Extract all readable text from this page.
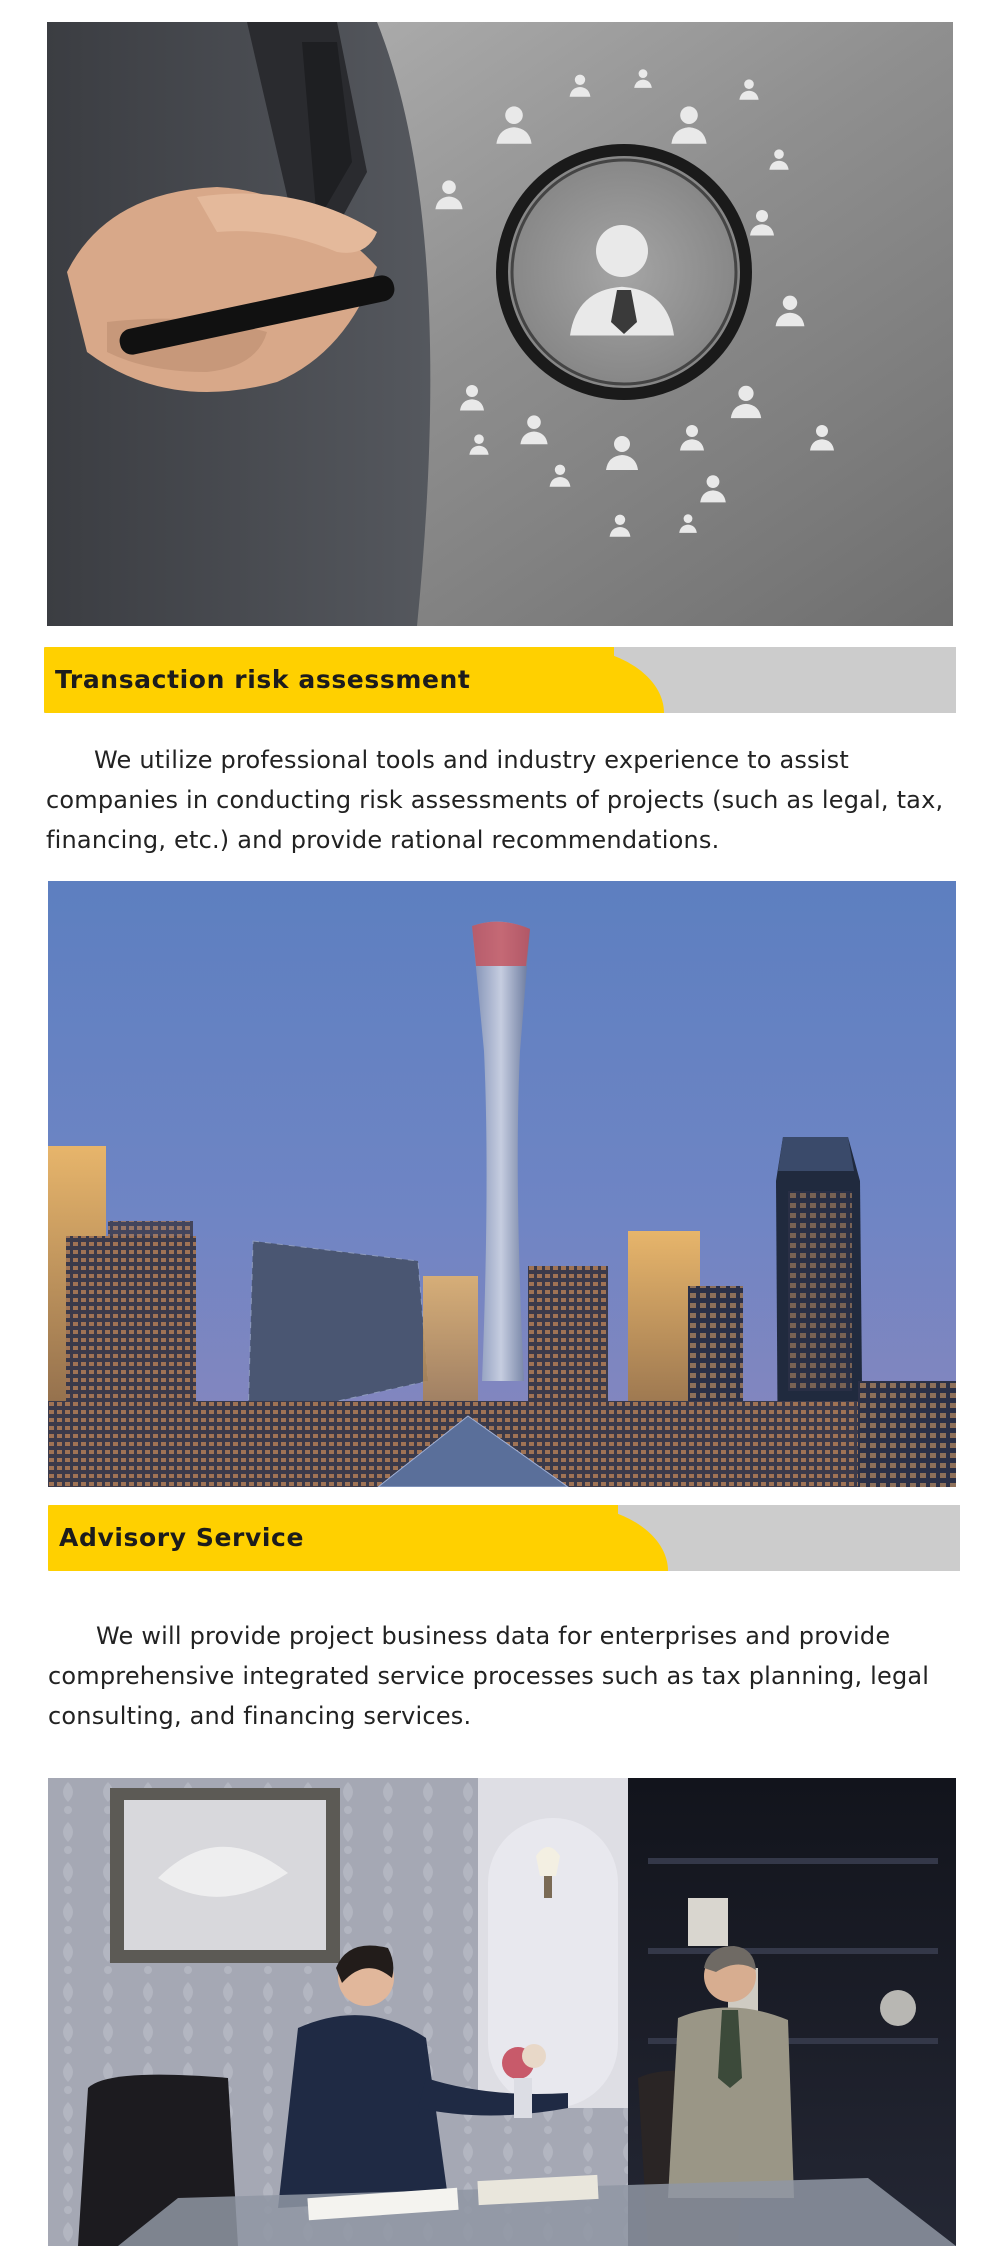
Transaction risk assessment

We utilize professional tools and industry experience to assist companies in conducting risk assessments of projects (such as legal, tax, financing, etc.) and provide rational recommendations.

Advisory Service

We will provide project business data for enterprises and provide comprehensive integrated service processes such as tax planning, legal consulting, and financing services.
